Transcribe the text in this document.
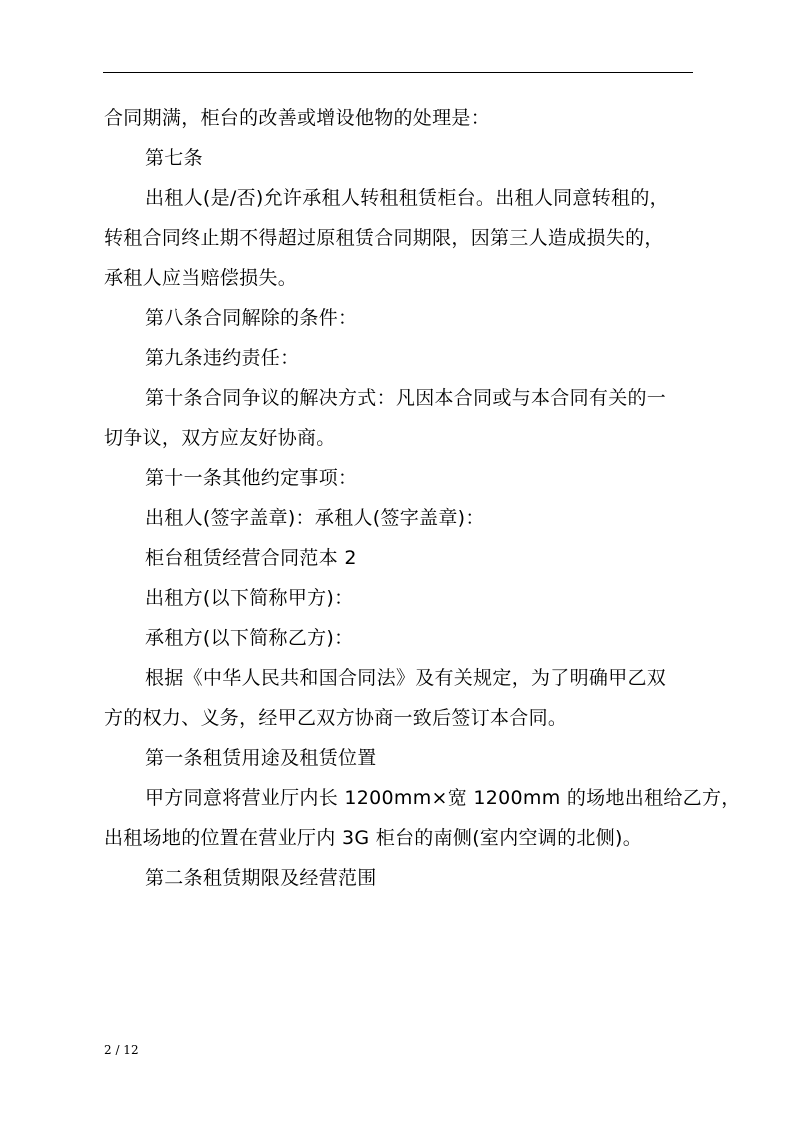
合同期满，柜台的改善或增设他物的处理是：
第七条
出租人(是/否)允许承租人转租租赁柜台。出租人同意转租的，
转租合同终止期不得超过原租赁合同期限，因第三人造成损失的，
承租人应当赔偿损失。
第八条合同解除的条件：
第九条违约责任：
第十条合同争议的解决方式：凡因本合同或与本合同有关的一
切争议，双方应友好协商。
第十一条其他约定事项：
出租人(签字盖章)：承租人(签字盖章)：
柜台租赁经营合同范本 2
出租方(以下简称甲方)：
承租方(以下简称乙方)：
根据《中华人民共和国合同法》及有关规定，为了明确甲乙双
方的权力、义务，经甲乙双方协商一致后签订本合同。
第一条租赁用途及租赁位置
甲方同意将营业厅内长 1200mm×宽 1200mm 的场地出租给乙方，
出租场地的位置在营业厅内 3G 柜台的南侧(室内空调的北侧)。
第二条租赁期限及经营范围
2 / 12
